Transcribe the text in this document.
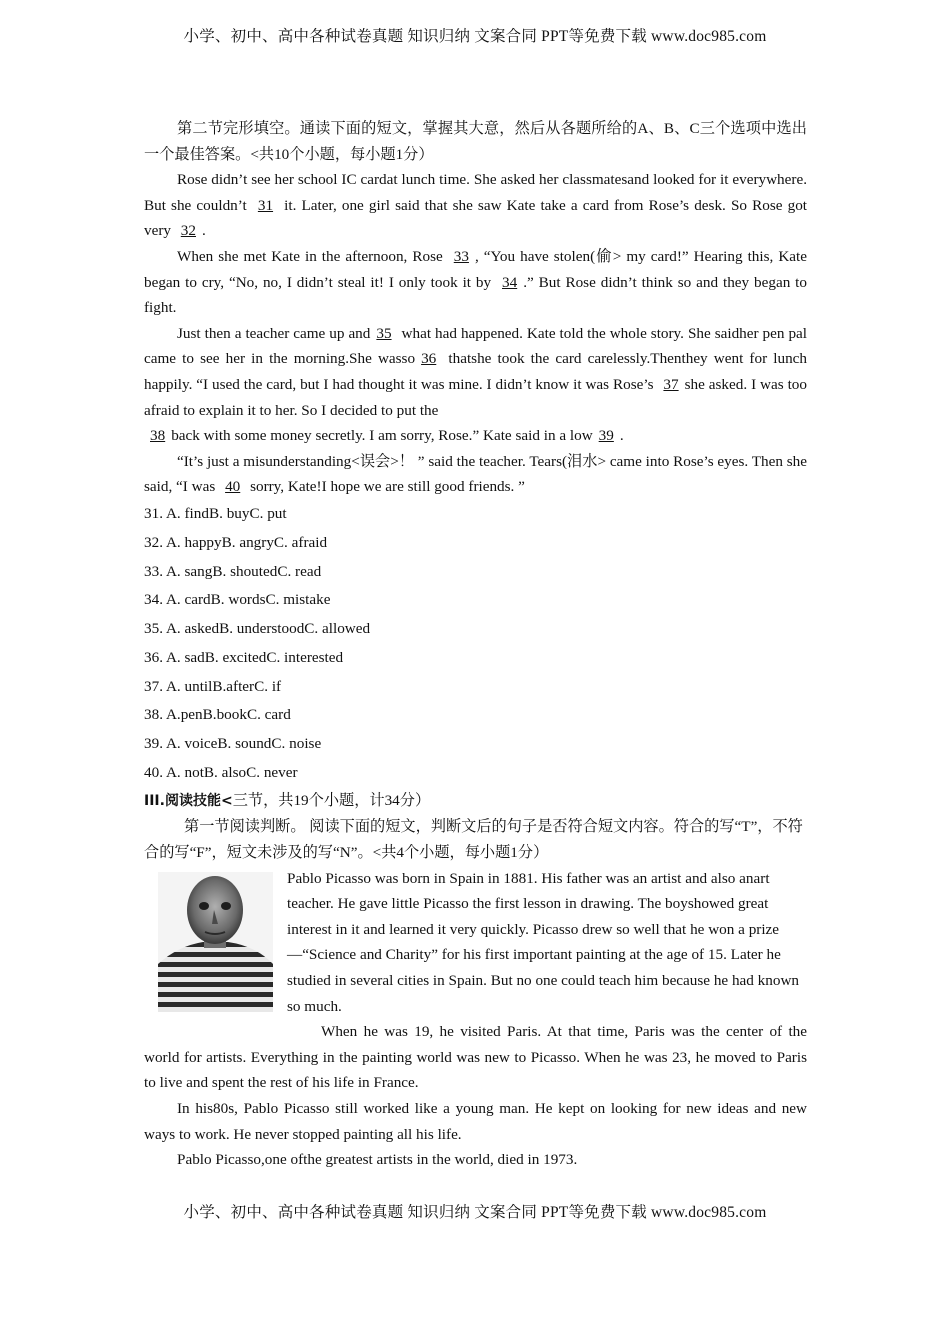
小学、初中、高中各种试卷真题 知识归纳 文案合同 PPT等免费下载 www.doc985.com

第二节完形填空。通读下面的短文，掌握其大意，然后从各题所给的A、B、C三个选项中选出一个最佳答案。<共10个小题，每小题1分）

Rose didn’t see her school IC cardat lunch time. She asked her classmatesand looked for it everywhere. But she couldn’t 31 it. Later, one girl said that she saw Kate take a card from Rose’s desk. So Rose got very 32 .

When she met Kate in the afternoon, Rose 33 , “You have stolen(偷> my card!” Hearing this, Kate began to cry, “No, no, I didn’t steal it! I only took it by 34 .” But Rose didn’t think so and they began to fight.

Just then a teacher came up and 35 what had happened. Kate told the whole story. She saidher pen pal came to see her in the morning.She wasso 36 thatshe took the card carelessly.Thenthey went for lunch happily. “I used the card, but I had thought it was mine. I didn’t know it was Rose’s 37 she asked. I was too afraid to explain it to her. So I decided to put the

38 back with some money secretly. I am sorry, Rose.” Kate said in a low 39 .

“It’s just a misunderstanding<误会>！ ” said the teacher. Tears(泪水> came into Rose’s eyes. Then she said, “I was 40 sorry, Kate!I hope we are still good friends. ”

31. A. findB. buyC. put

32. A. happyB. angryC. afraid

33. A. sangB. shoutedC. read

34. A. cardB. wordsC. mistake

35. A. askedB. understoodC. allowed

36. A. sadB. excitedC. interested

37. A. untilB.afterC. if

38. A.penB.bookC. card

39. A. voiceB. soundC. noise

40. A. notB. alsoC. never

III.阅读技能<三节，共19个小题，计34分）

第一节阅读判断。 阅读下面的短文，判断文后的句子是否符合短文内容。符合的写“T”，不符合的写“F”，短文未涉及的写“N”。<共4个小题，每小题1分）

Pablo Picasso was born in Spain in 1881. His father was an artist and also anart teacher. He gave little Picasso the first lesson in drawing. The boyshowed great interest in it and learned it very quickly. Picasso drew so well that he won a prize—“Science and Charity” for his first important painting at the age of 15. Later he studied in several cities in Spain. But no one could teach him because he had known so much.

When he was 19, he visited Paris. At that time, Paris was the center of the world for artists. Everything in the painting world was new to Picasso. When he was 23, he moved to Paris to live and spent the rest of his life in France.

In his80s, Pablo Picasso still worked like a young man. He kept on looking for new ideas and new ways to work. He never stopped painting all his life.

Pablo Picasso,one ofthe greatest artists in the world, died in 1973.

小学、初中、高中各种试卷真题 知识归纳 文案合同 PPT等免费下载 www.doc985.com
